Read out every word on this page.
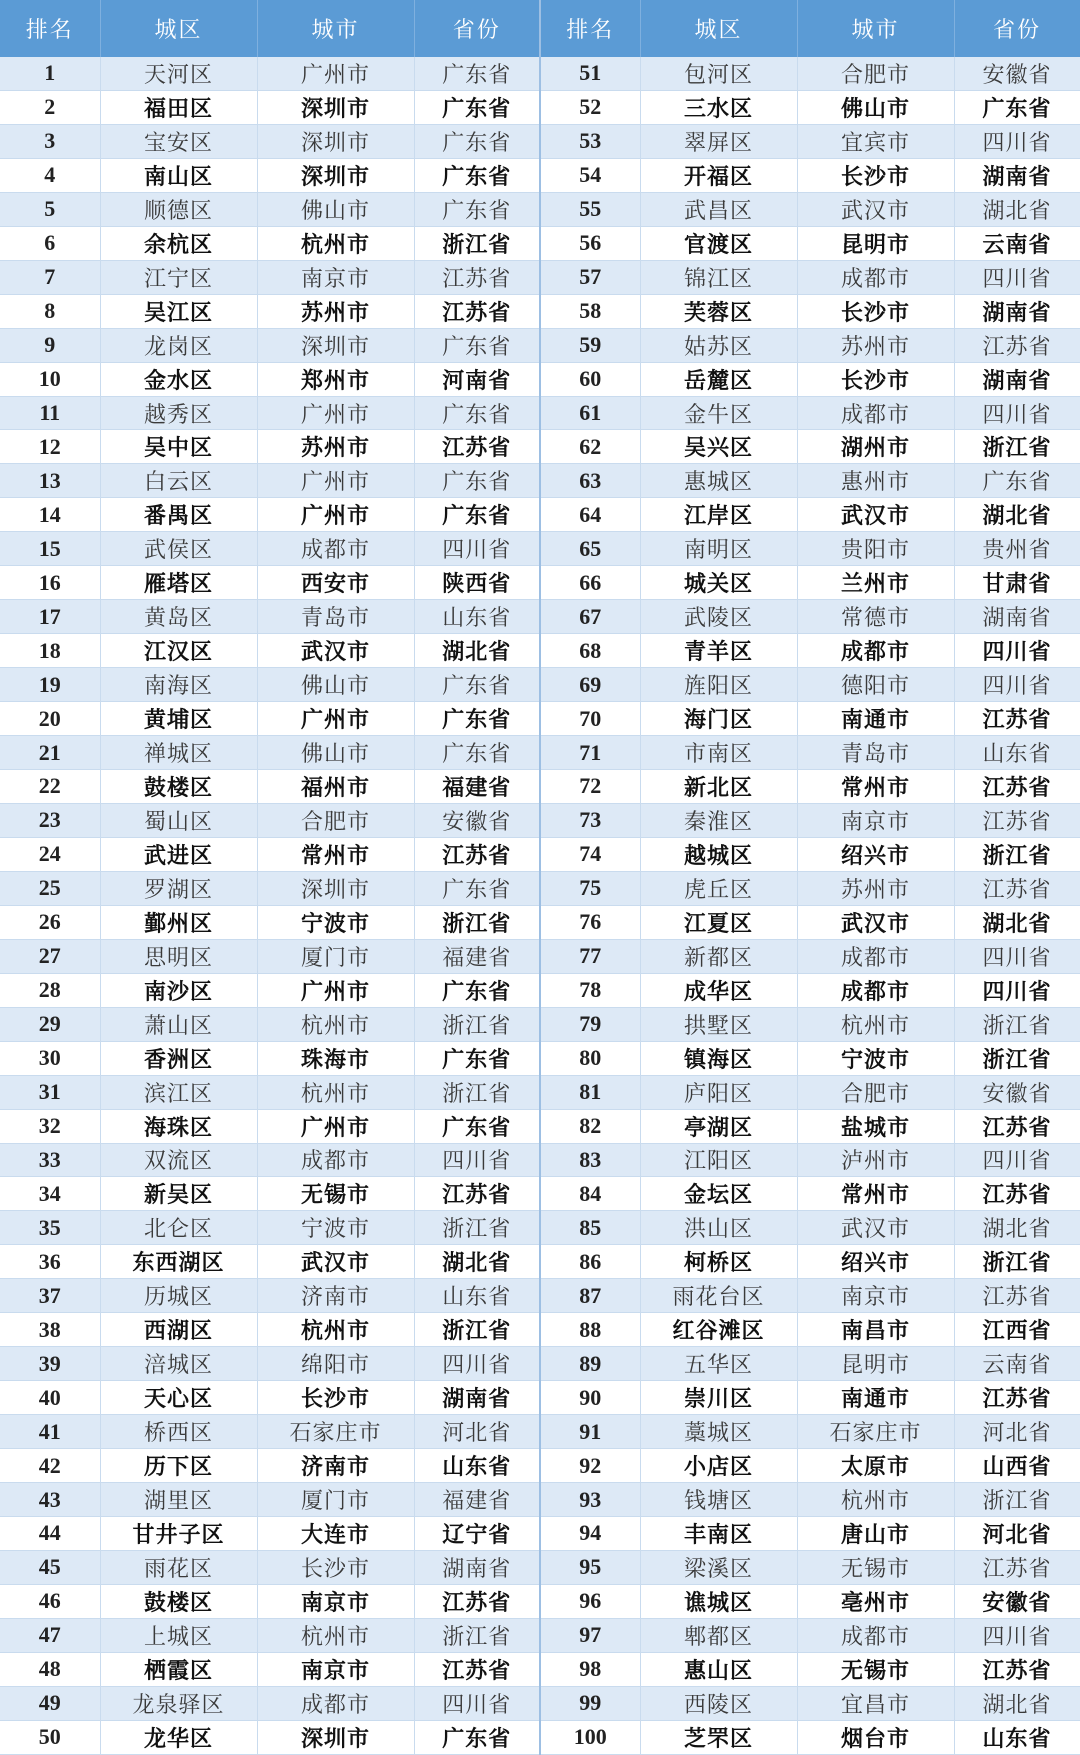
排名	城区	城市	省份	排名	城区	城市	省份
1	天河区	广州市	广东省	51	包河区	合肥市	安徽省
2	福田区	深圳市	广东省	52	三水区	佛山市	广东省
3	宝安区	深圳市	广东省	53	翠屏区	宜宾市	四川省
4	南山区	深圳市	广东省	54	开福区	长沙市	湖南省
5	顺德区	佛山市	广东省	55	武昌区	武汉市	湖北省
6	余杭区	杭州市	浙江省	56	官渡区	昆明市	云南省
7	江宁区	南京市	江苏省	57	锦江区	成都市	四川省
8	吴江区	苏州市	江苏省	58	芙蓉区	长沙市	湖南省
9	龙岗区	深圳市	广东省	59	姑苏区	苏州市	江苏省
10	金水区	郑州市	河南省	60	岳麓区	长沙市	湖南省
11	越秀区	广州市	广东省	61	金牛区	成都市	四川省
12	吴中区	苏州市	江苏省	62	吴兴区	湖州市	浙江省
13	白云区	广州市	广东省	63	惠城区	惠州市	广东省
14	番禺区	广州市	广东省	64	江岸区	武汉市	湖北省
15	武侯区	成都市	四川省	65	南明区	贵阳市	贵州省
16	雁塔区	西安市	陕西省	66	城关区	兰州市	甘肃省
17	黄岛区	青岛市	山东省	67	武陵区	常德市	湖南省
18	江汉区	武汉市	湖北省	68	青羊区	成都市	四川省
19	南海区	佛山市	广东省	69	旌阳区	德阳市	四川省
20	黄埔区	广州市	广东省	70	海门区	南通市	江苏省
21	禅城区	佛山市	广东省	71	市南区	青岛市	山东省
22	鼓楼区	福州市	福建省	72	新北区	常州市	江苏省
23	蜀山区	合肥市	安徽省	73	秦淮区	南京市	江苏省
24	武进区	常州市	江苏省	74	越城区	绍兴市	浙江省
25	罗湖区	深圳市	广东省	75	虎丘区	苏州市	江苏省
26	鄞州区	宁波市	浙江省	76	江夏区	武汉市	湖北省
27	思明区	厦门市	福建省	77	新都区	成都市	四川省
28	南沙区	广州市	广东省	78	成华区	成都市	四川省
29	萧山区	杭州市	浙江省	79	拱墅区	杭州市	浙江省
30	香洲区	珠海市	广东省	80	镇海区	宁波市	浙江省
31	滨江区	杭州市	浙江省	81	庐阳区	合肥市	安徽省
32	海珠区	广州市	广东省	82	亭湖区	盐城市	江苏省
33	双流区	成都市	四川省	83	江阳区	泸州市	四川省
34	新吴区	无锡市	江苏省	84	金坛区	常州市	江苏省
35	北仑区	宁波市	浙江省	85	洪山区	武汉市	湖北省
36	东西湖区	武汉市	湖北省	86	柯桥区	绍兴市	浙江省
37	历城区	济南市	山东省	87	雨花台区	南京市	江苏省
38	西湖区	杭州市	浙江省	88	红谷滩区	南昌市	江西省
39	涪城区	绵阳市	四川省	89	五华区	昆明市	云南省
40	天心区	长沙市	湖南省	90	崇川区	南通市	江苏省
41	桥西区	石家庄市	河北省	91	藁城区	石家庄市	河北省
42	历下区	济南市	山东省	92	小店区	太原市	山西省
43	湖里区	厦门市	福建省	93	钱塘区	杭州市	浙江省
44	甘井子区	大连市	辽宁省	94	丰南区	唐山市	河北省
45	雨花区	长沙市	湖南省	95	梁溪区	无锡市	江苏省
46	鼓楼区	南京市	江苏省	96	谯城区	亳州市	安徽省
47	上城区	杭州市	浙江省	97	郫都区	成都市	四川省
48	栖霞区	南京市	江苏省	98	惠山区	无锡市	江苏省
49	龙泉驿区	成都市	四川省	99	西陵区	宜昌市	湖北省
50	龙华区	深圳市	广东省	100	芝罘区	烟台市	山东省
